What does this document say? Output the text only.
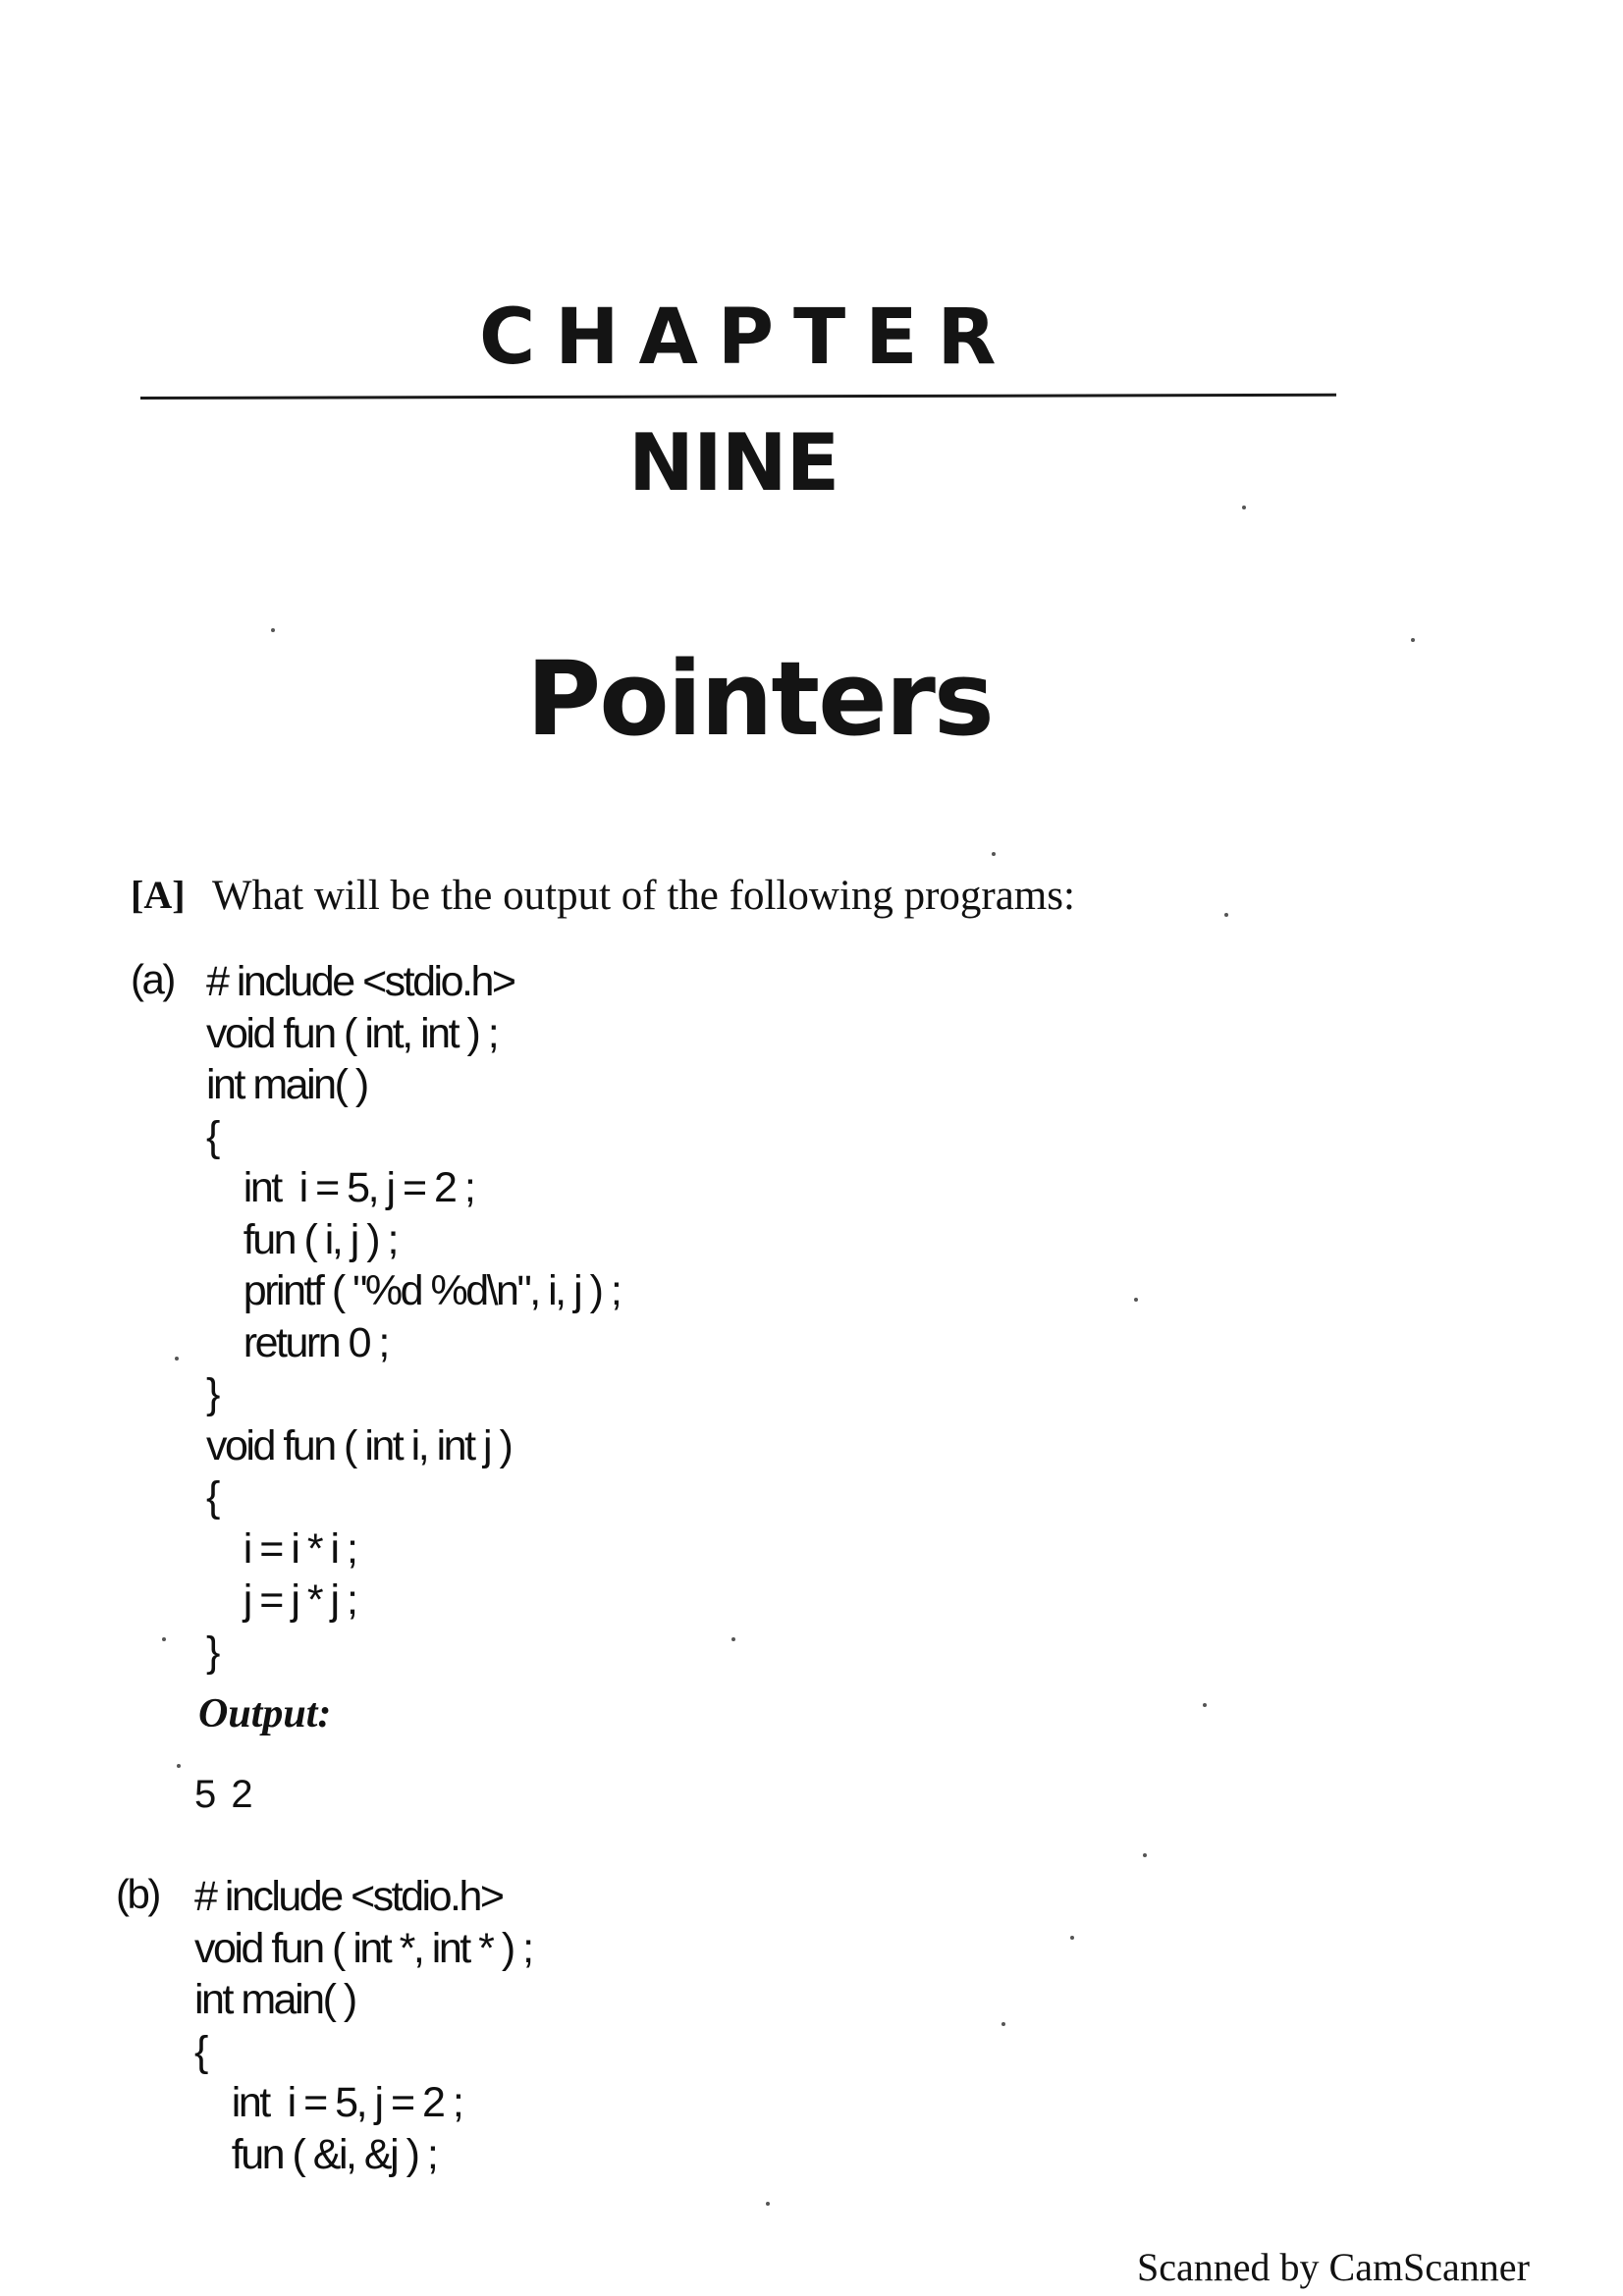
CHAPTER
NINE
Pointers

[A] What will be the output of the following programs:

(a) # include <stdio.h>
void fun ( int, int ) ;
int main( )
{
int  i = 5, j = 2 ;
fun ( i, j ) ;
printf ( "%d %d\n", i, j ) ;
return 0 ;
}
void fun ( int i, int j )
{
i = i * i ;
j = j * j ;
}

Output:

5 2

(b) # include <stdio.h>
void fun ( int *, int * ) ;
int main( )
{
int  i = 5, j = 2 ;
fun ( &i, &j ) ;

Scanned by CamScanner
